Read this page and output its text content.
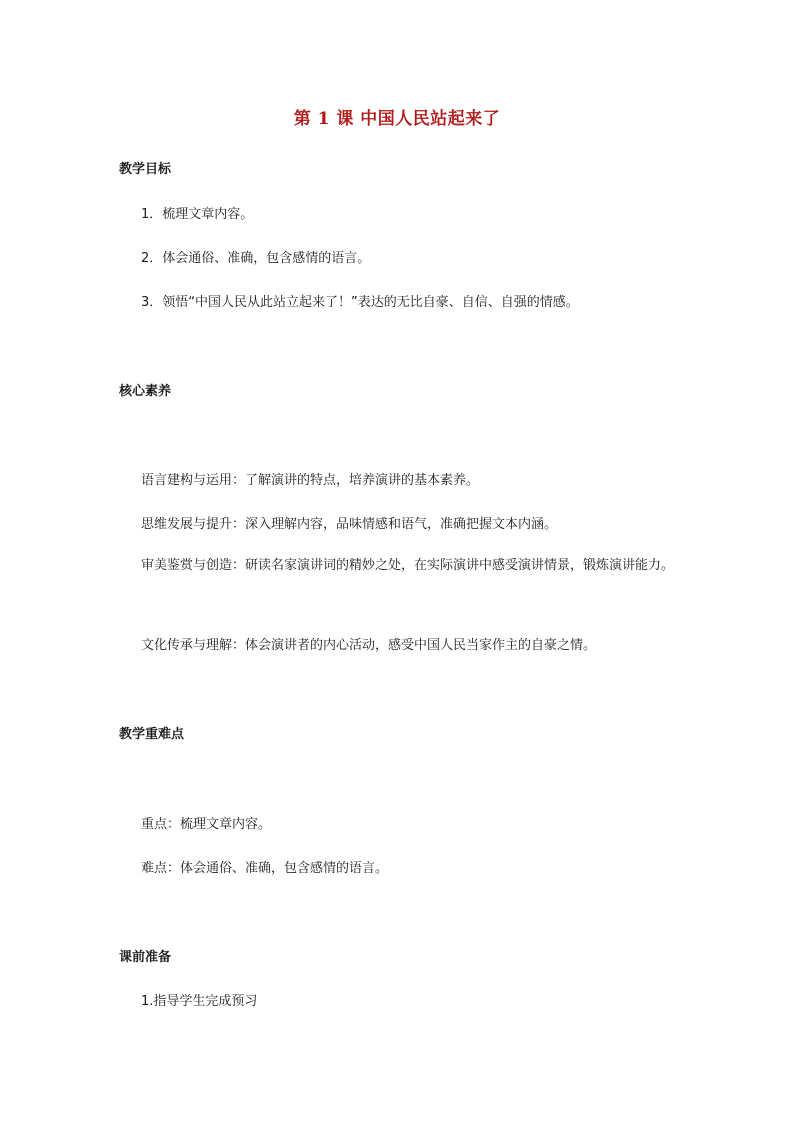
第 1 课 中国人民站起来了
教学目标
1．梳理文章内容。
2．体会通俗、准确，包含感情的语言。
3．领悟“中国人民从此站立起来了！”表达的无比自豪、自信、自强的情感。
核心素养
语言建构与运用：了解演讲的特点，培养演讲的基本素养。
思维发展与提升：深入理解内容，品味情感和语气，准确把握文本内涵。
审美鉴赏与创造：研读名家演讲词的精妙之处，在实际演讲中感受演讲情景，锻炼演讲能力。
文化传承与理解：体会演讲者的内心活动，感受中国人民当家作主的自豪之情。
教学重难点
重点：梳理文章内容。
难点：体会通俗、准确，包含感情的语言。
课前准备
1.指导学生完成预习
